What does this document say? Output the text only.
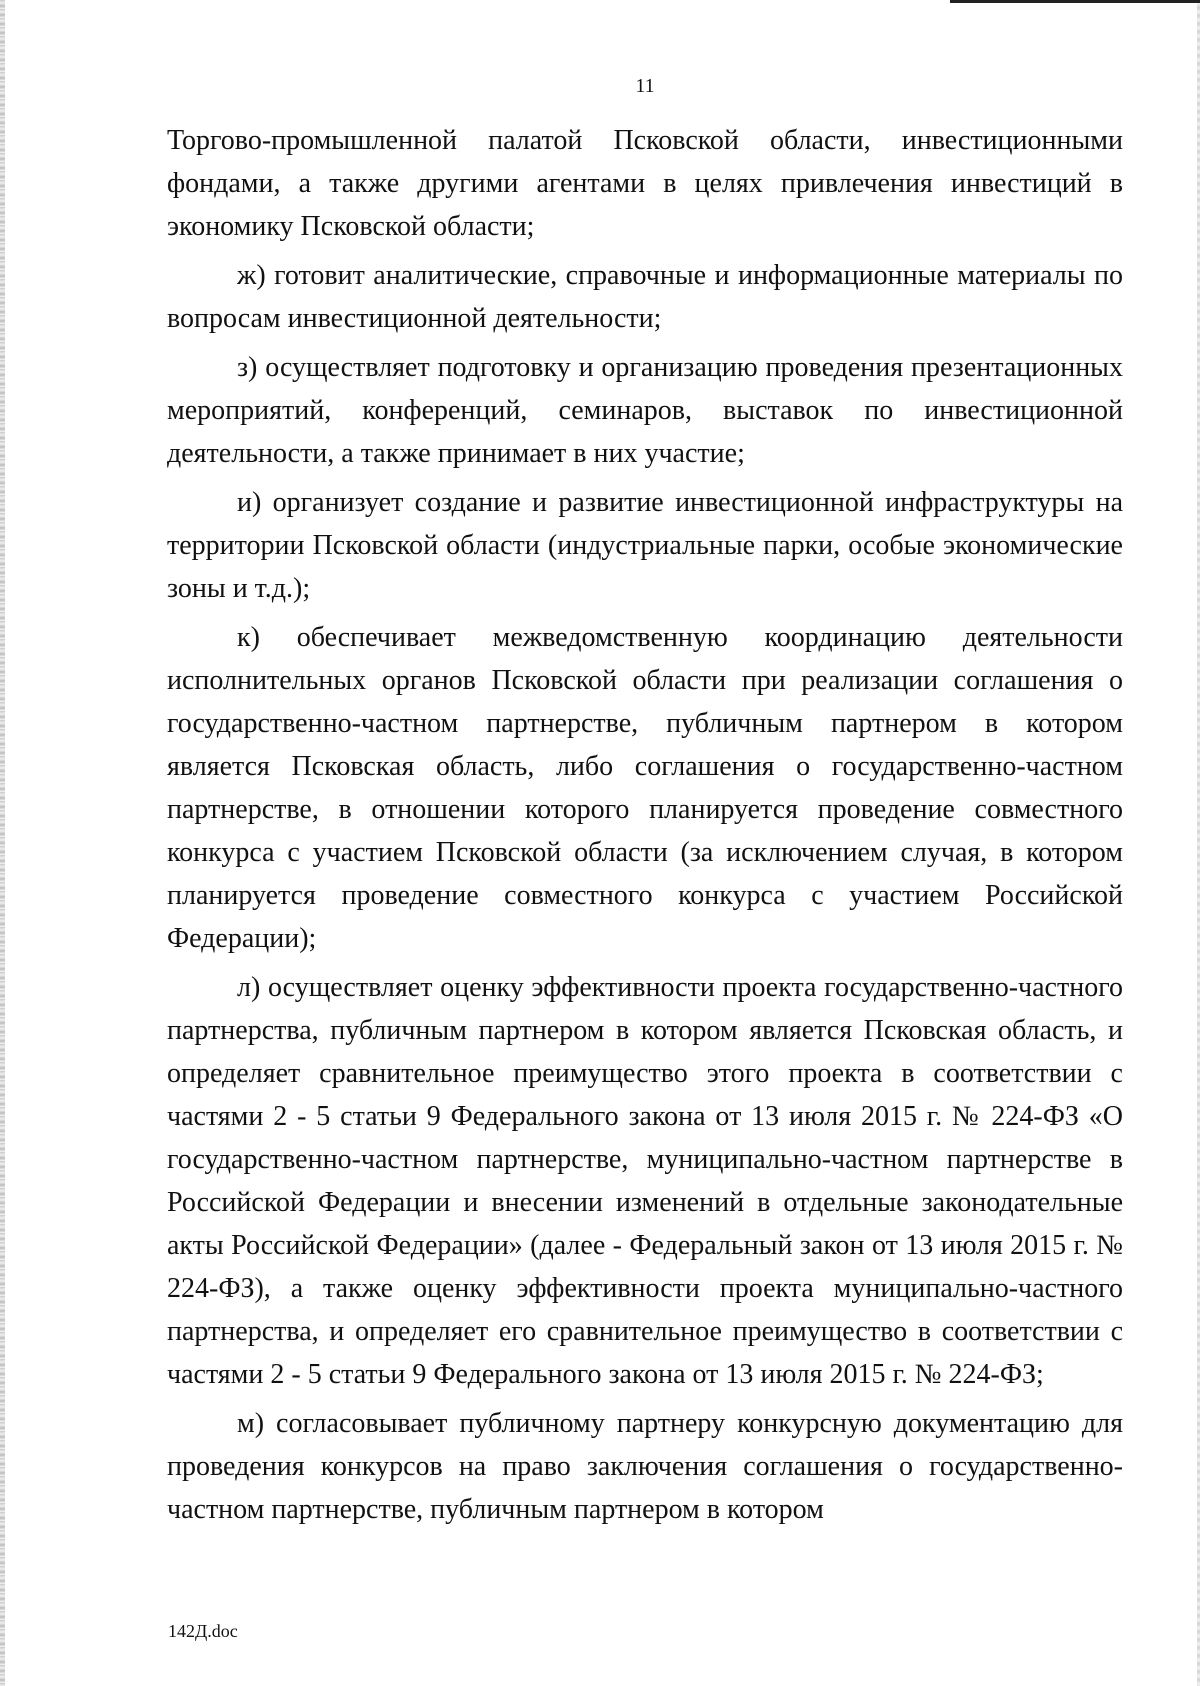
11

Торгово-промышленной палатой Псковской области, инвестиционными фондами, а также другими агентами в целях привлечения инвестиций в экономику Псковской области;

ж) готовит аналитические, справочные и информационные материалы по вопросам инвестиционной деятельности;

з) осуществляет подготовку и организацию проведения презентационных мероприятий, конференций, семинаров, выставок по инвестиционной деятельности, а также принимает в них участие;

и) организует создание и развитие инвестиционной инфраструктуры на территории Псковской области (индустриальные парки, особые экономические зоны и т.д.);

к) обеспечивает межведомственную координацию деятельности исполнительных органов Псковской области при реализации соглашения о государственно-частном партнерстве, публичным партнером в котором является Псковская область, либо соглашения о государственно-частном партнерстве, в отношении которого планируется проведение совместного конкурса с участием Псковской области (за исключением случая, в котором планируется проведение совместного конкурса с участием Российской Федерации);

л) осуществляет оценку эффективности проекта государственно-частного партнерства, публичным партнером в котором является Псковская область, и определяет сравнительное преимущество этого проекта в соответствии с частями 2 - 5 статьи 9 Федерального закона от 13 июля 2015 г. № 224-ФЗ «О государственно-частном партнерстве, муниципально-частном партнерстве в Российской Федерации и внесении изменений в отдельные законодательные акты Российской Федерации» (далее - Федеральный закон от 13 июля 2015 г. № 224-ФЗ), а также оценку эффективности проекта муниципально-частного партнерства, и определяет его сравнительное преимущество в соответствии с частями 2 - 5 статьи 9 Федерального закона от 13 июля 2015 г. № 224-ФЗ;

м) согласовывает публичному партнеру конкурсную документацию для проведения конкурсов на право заключения соглашения о государственно-частном партнерстве, публичным партнером в котором

142Д.doc
